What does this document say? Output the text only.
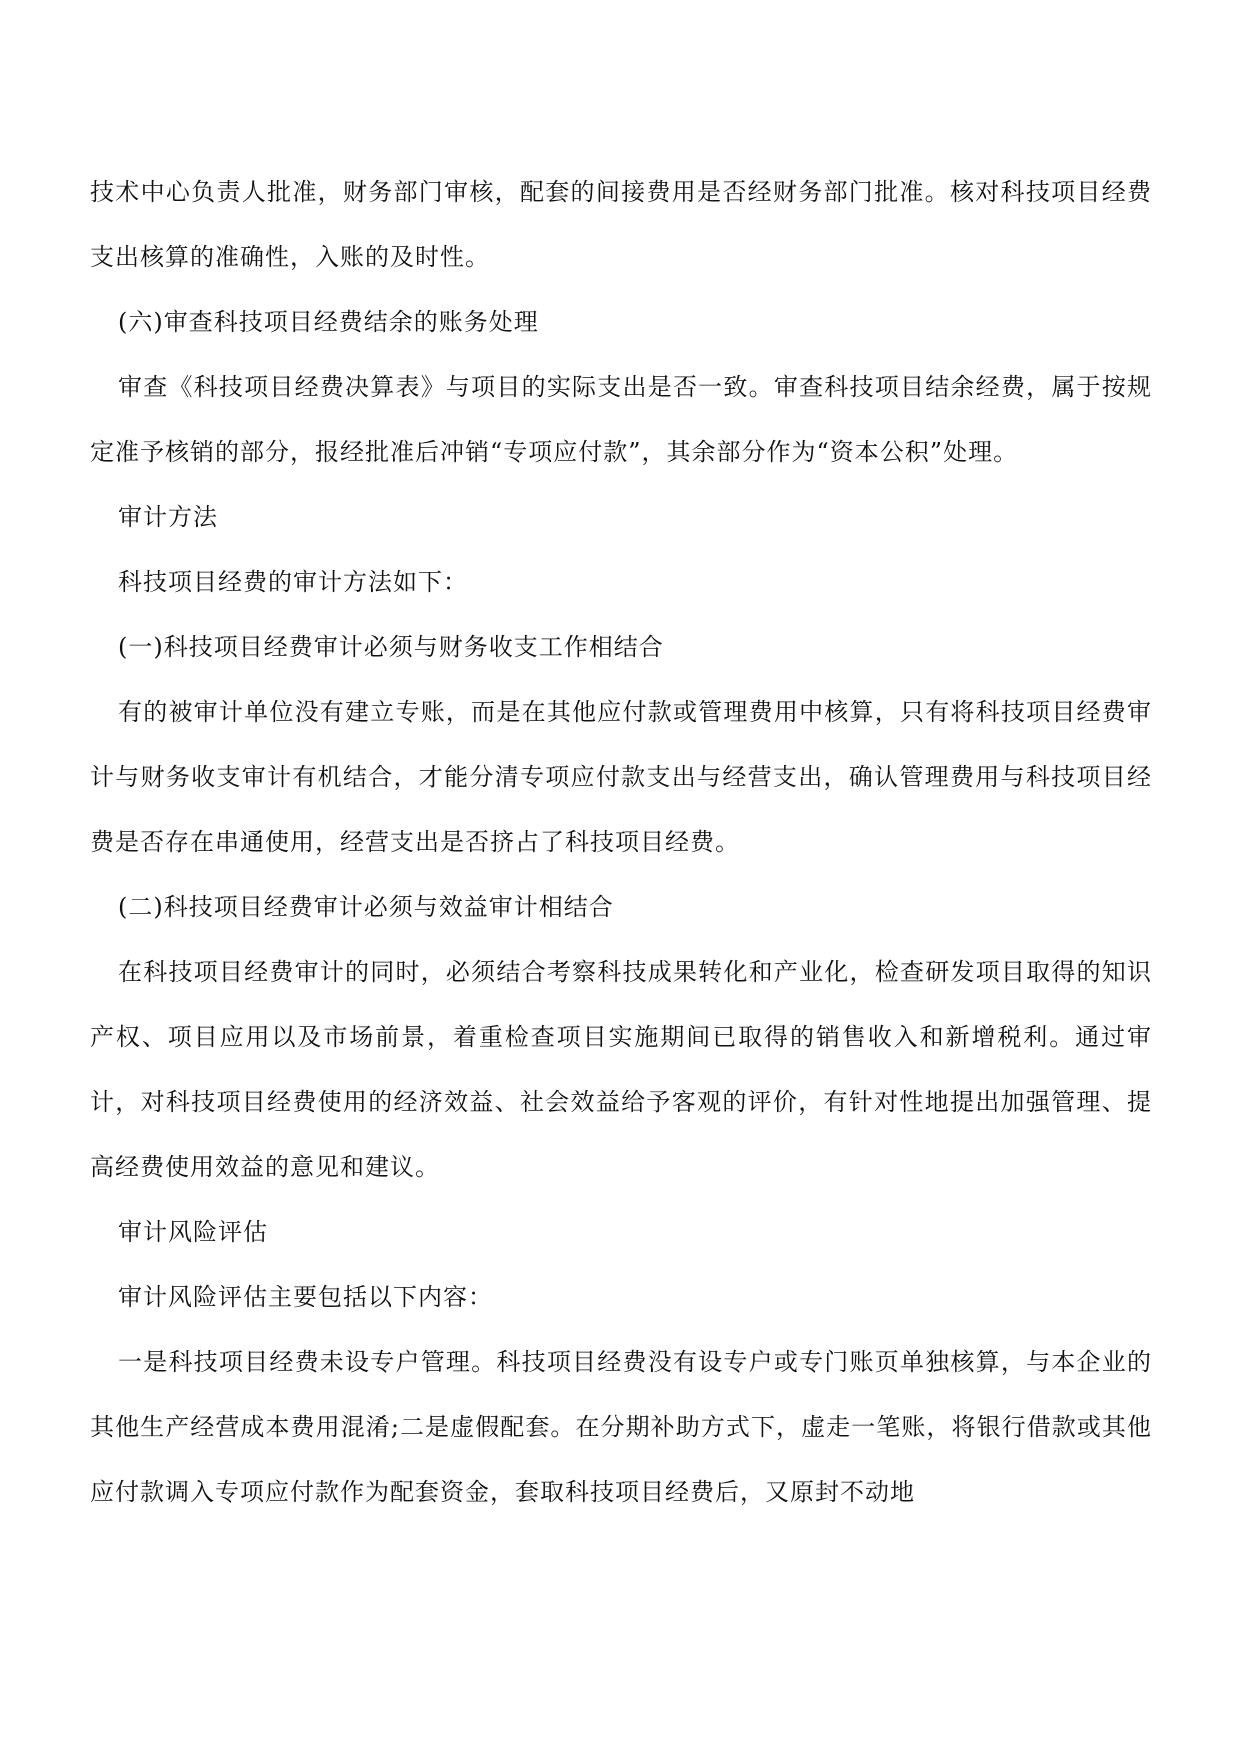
技术中心负责人批准，财务部门审核，配套的间接费用是否经财务部门批准。核对科技项目经费支出核算的准确性，入账的及时性。

(六)审查科技项目经费结余的账务处理

审查《科技项目经费决算表》与项目的实际支出是否一致。审查科技项目结余经费，属于按规定准予核销的部分，报经批准后冲销“专项应付款”，其余部分作为“资本公积”处理。

审计方法

科技项目经费的审计方法如下：

(一)科技项目经费审计必须与财务收支工作相结合

有的被审计单位没有建立专账，而是在其他应付款或管理费用中核算，只有将科技项目经费审计与财务收支审计有机结合，才能分清专项应付款支出与经营支出，确认管理费用与科技项目经费是否存在串通使用，经营支出是否挤占了科技项目经费。

(二)科技项目经费审计必须与效益审计相结合

在科技项目经费审计的同时，必须结合考察科技成果转化和产业化，检查研发项目取得的知识产权、项目应用以及市场前景，着重检查项目实施期间已取得的销售收入和新增税利。通过审计，对科技项目经费使用的经济效益、社会效益给予客观的评价，有针对性地提出加强管理、提高经费使用效益的意见和建议。

审计风险评估

审计风险评估主要包括以下内容：

一是科技项目经费未设专户管理。科技项目经费没有设专户或专门账页单独核算，与本企业的其他生产经营成本费用混淆;二是虚假配套。在分期补助方式下，虚走一笔账，将银行借款或其他应付款调入专项应付款作为配套资金，套取科技项目经费后，又原封不动地
